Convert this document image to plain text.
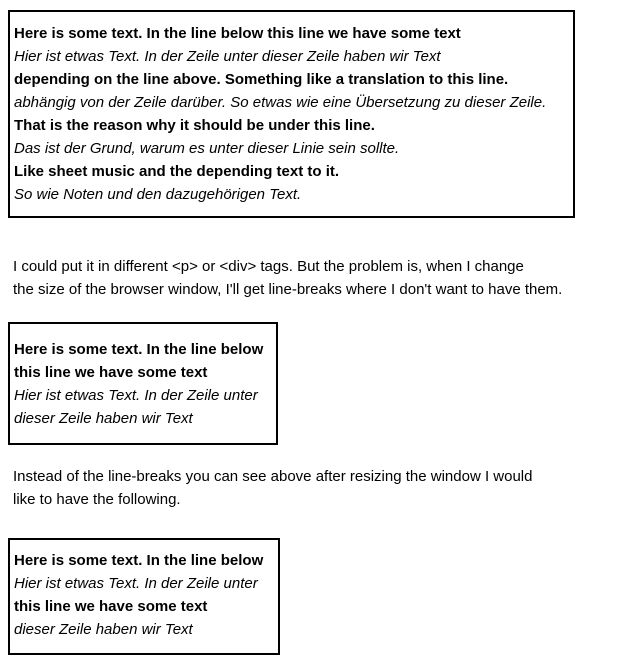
Here is some text. In the line below this line we have some text
Hier ist etwas Text. In der Zeile unter dieser Zeile haben wir Text
depending on the line above. Something like a translation to this line.
abhängig von der Zeile darüber. So etwas wie eine Übersetzung zu dieser Zeile.
That is the reason why it should be under this line.
Das ist der Grund, warum es unter dieser Linie sein sollte.
Like sheet music and the depending text to it.
So wie Noten und den dazugehörigen Text.
I could put it in different <p> or <div> tags. But the problem is, when I change
the size of the browser window, I'll get line-breaks where I don't want to have them.
Here is some text. In the line below
this line we have some text
Hier ist etwas Text. In der Zeile unter
dieser Zeile haben wir Text
Instead of the line-breaks you can see above after resizing the window I would
like to have the following.
Here is some text. In the line below
Hier ist etwas Text. In der Zeile unter
this line we have some text
dieser Zeile haben wir Text
